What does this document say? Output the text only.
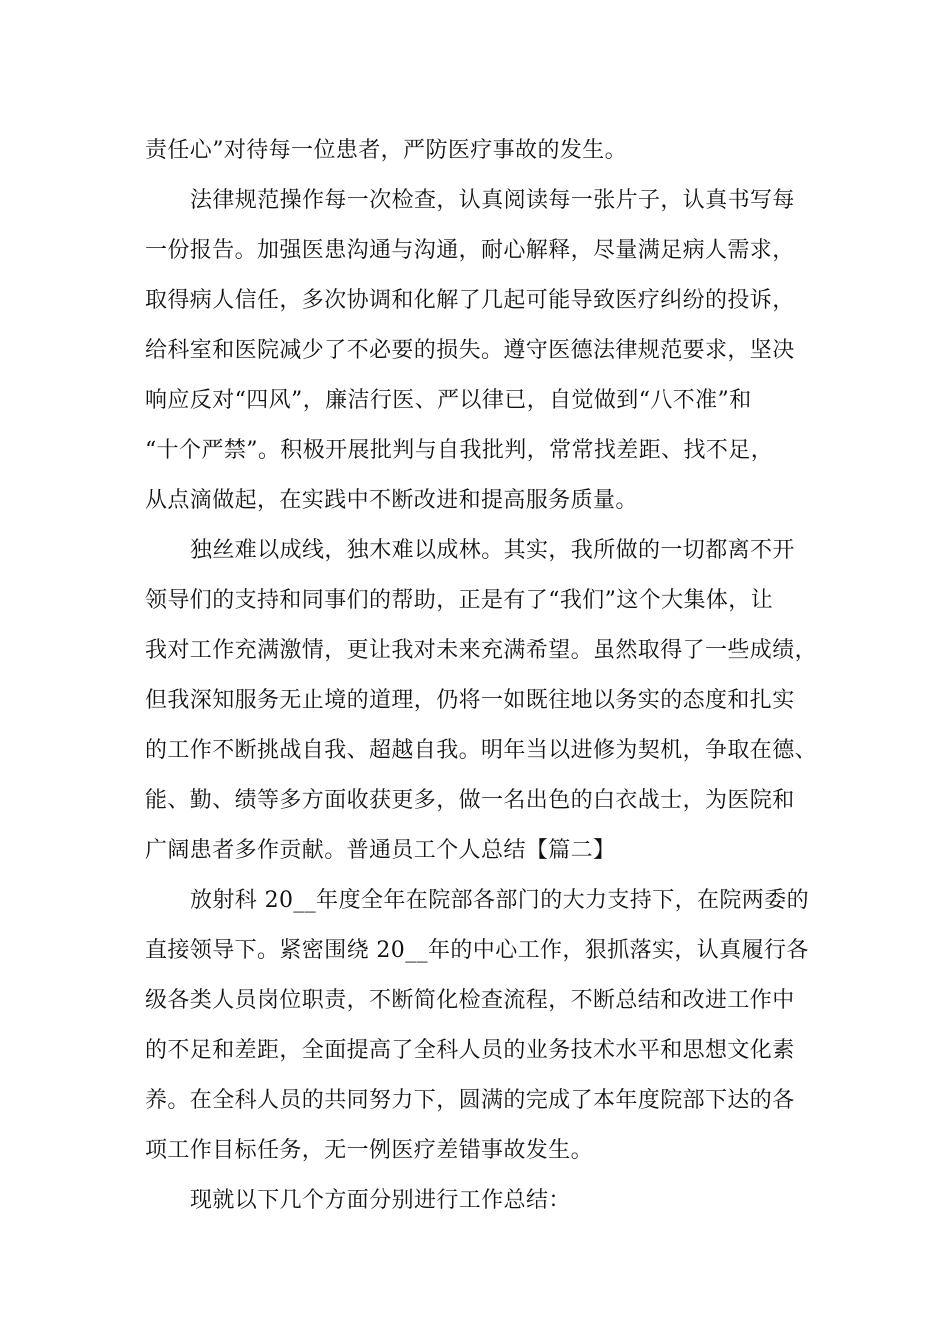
责任心”对待每一位患者，严防医疗事故的发生。
法律规范操作每一次检查，认真阅读每一张片子，认真书写每
一份报告。加强医患沟通与沟通，耐心解释，尽量满足病人需求，
取得病人信任，多次协调和化解了几起可能导致医疗纠纷的投诉，
给科室和医院减少了不必要的损失。遵守医德法律规范要求，坚决
响应反对“四风”，廉洁行医、严以律已，自觉做到“八不准”和
“十个严禁”。积极开展批判与自我批判，常常找差距、找不足，
从点滴做起，在实践中不断改进和提高服务质量。
独丝难以成线，独木难以成林。其实，我所做的一切都离不开
领导们的支持和同事们的帮助，正是有了“我们”这个大集体，让
我对工作充满激情，更让我对未来充满希望。虽然取得了一些成绩，
但我深知服务无止境的道理，仍将一如既往地以务实的态度和扎实
的工作不断挑战自我、超越自我。明年当以进修为契机，争取在德、
能、勤、绩等多方面收获更多，做一名出色的白衣战士，为医院和
广阔患者多作贡献。普通员工个人总结【篇二】
放射科 20__年度全年在院部各部门的大力支持下，在院两委的
直接领导下。紧密围绕 20__年的中心工作，狠抓落实，认真履行各
级各类人员岗位职责，不断简化检查流程，不断总结和改进工作中
的不足和差距，全面提高了全科人员的业务技术水平和思想文化素
养。在全科人员的共同努力下，圆满的完成了本年度院部下达的各
项工作目标任务，无一例医疗差错事故发生。
现就以下几个方面分别进行工作总结：
